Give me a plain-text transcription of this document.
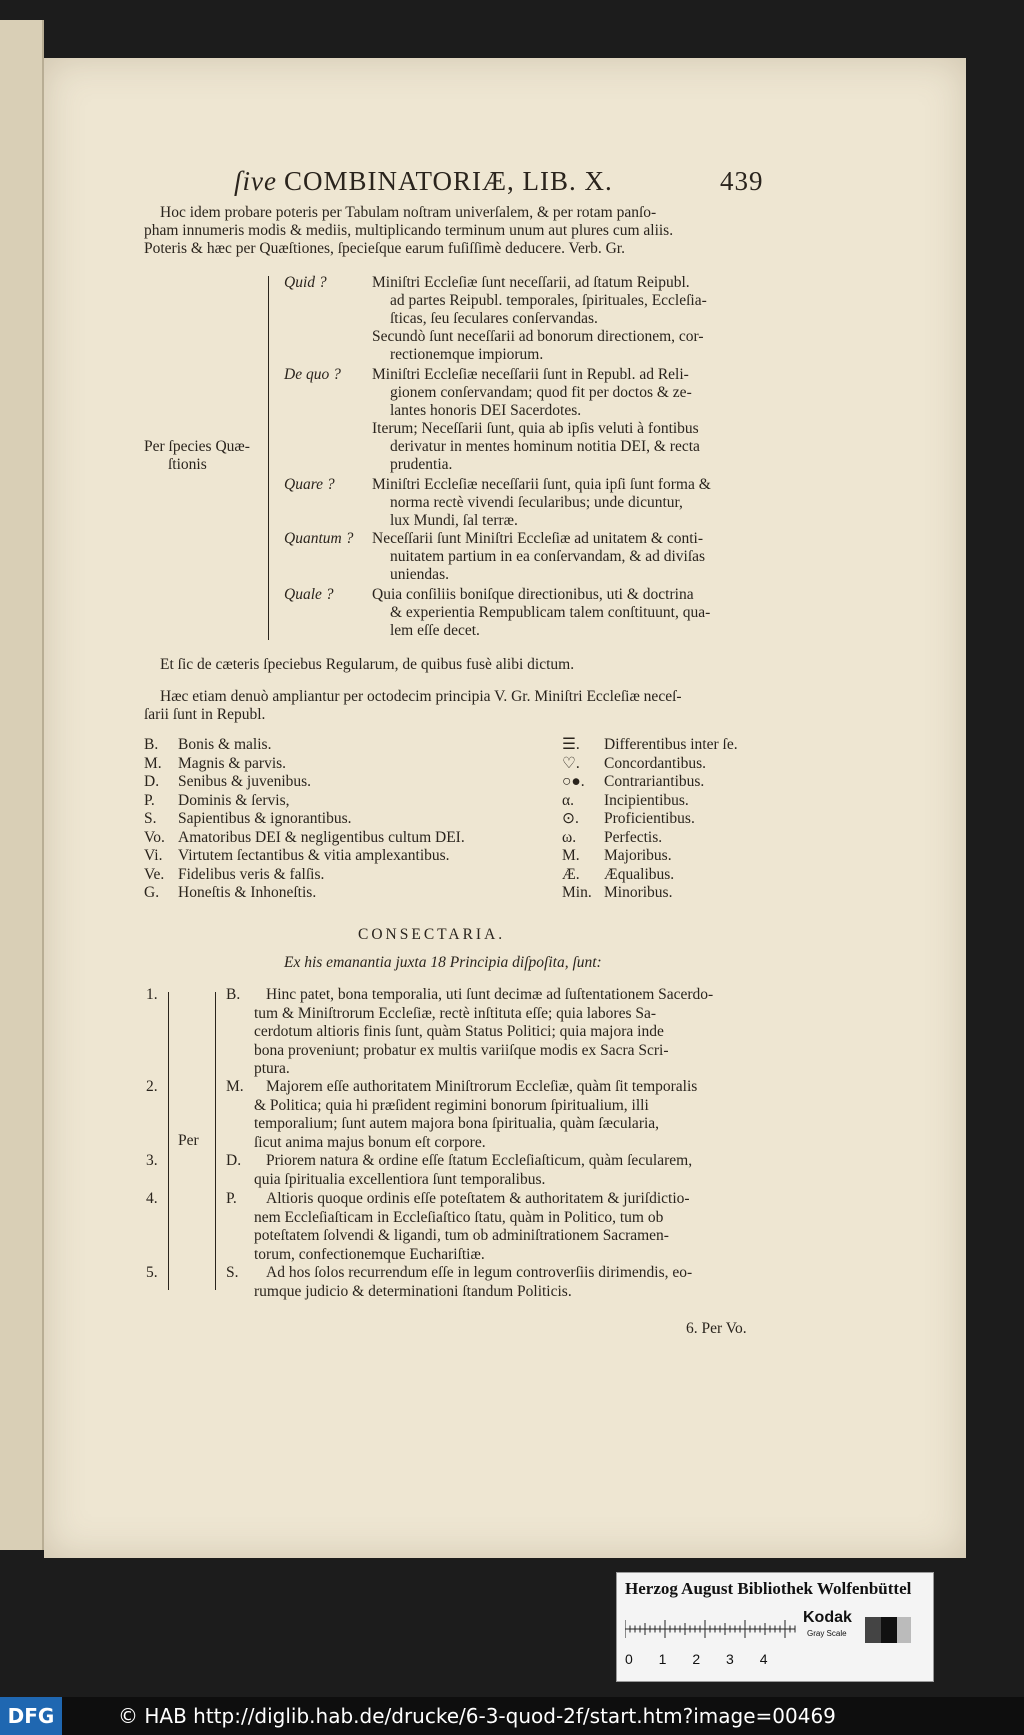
ſive COMBINATORIÆ, LIB. X.	439
Hoc idem probare poteris per Tabulam noſtram univerſalem, & per rotam panſo-
pham innumeris modis & mediis, multiplicando terminum unum aut plures cum aliis.
Poteris & hæc per Quæſtiones, ſpecieſque earum fuſiſſimè deducere. Verb. Gr.
Per ſpecies Quæ-
ſtionis
Quid ?	Miniſtri Eccleſiæ ſunt neceſſarii, ad ſtatum Reipubl.
ad partes Reipubl. temporales, ſpirituales, Eccleſia-
ſticas, ſeu ſeculares conſervandas.
Secundò ſunt neceſſarii ad bonorum directionem, cor-
rectionemque impiorum.
De quo ? Miniſtri Eccleſiæ neceſſarii ſunt in Republ. ad Reli-
gionem conſervandam; quod fit per doctos & ze-
lantes honoris DEI Sacerdotes.
Iterum; Neceſſarii ſunt, quia ab ipſis veluti à fontibus
derivatur in mentes hominum notitia DEI, & recta
prudentia.
Quare ? Miniſtri Eccleſiæ neceſſarii ſunt, quia ipſi ſunt forma &
norma rectè vivendi ſecularibus; unde dicuntur,
lux Mundi, ſal terræ.
Quantum ? Neceſſarii ſunt Miniſtri Eccleſiæ ad unitatem & conti-
nuitatem partium in ea conſervandam, & ad diviſas
uniendas.
Quale ? Quia conſiliis boniſque directionibus, uti & doctrina
& experientia Rempublicam talem conſtituunt, qua-
lem eſſe decet.
Et ſic de cæteris ſpeciebus Regularum, de quibus fusè alibi dictum.
Hæc etiam denuò ampliantur per octodecim principia V. Gr. Miniſtri Eccleſiæ neceſ-
ſarii ſunt in Republ.
B. Bonis & malis.
M. Magnis & parvis.
D. Senibus & juvenibus.
P. Dominis & ſervis,
S. Sapientibus & ignorantibus.
Vo. Amatoribus DEI & negligentibus cultum DEI.
Vi. Virtutem ſectantibus & vitia amplexantibus.
Ve. Fidelibus veris & falſis.
G. Honeſtis & Inhoneſtis.
☰. Differentibus inter ſe.
♡. Concordantibus.
○●. Contrariantibus.
α. Incipientibus.
⊙. Proficientibus.
ω. Perfectis.
M. Majoribus.
Æ. Æqualibus.
Min. Minoribus.
CONSECTARIA.
Ex his emanantia juxta 18 Principia diſpoſita, ſunt:
Per
1.	B. Hinc patet, bona temporalia, uti ſunt decimæ ad ſuſtentationem Sacerdo-
tum & Miniſtrorum Eccleſiæ, rectè inſtituta eſſe; quia labores Sa-
cerdotum altioris finis ſunt, quàm Status Politici; quia majora inde
bona proveniunt; probatur ex multis variiſque modis ex Sacra Scri-
ptura.
2.	M. Majorem eſſe authoritatem Miniſtrorum Eccleſiæ, quàm ſit temporalis
& Politica; quia hi præſident regimini bonorum ſpiritualium, illi
temporalium; ſunt autem majora bona ſpiritualia, quàm ſæcularia,
ſicut anima majus bonum eſt corpore.
3.	D. Priorem natura & ordine eſſe ſtatum Eccleſiaſticum, quàm ſecularem,
quia ſpiritualia excellentiora ſunt temporalibus.
4.	P. Altioris quoque ordinis eſſe poteſtatem & authoritatem & juriſdictio-
nem Eccleſiaſticam in Eccleſiaſtico ſtatu, quàm in Politico, tum ob
poteſtatem ſolvendi & ligandi, tum ob adminiſtrationem Sacramen-
torum, confectionemque Euchariſtiæ.
5.	S. Ad hos ſolos recurrendum eſſe in legum controverſiis dirimendis, eo-
rumque judicio & determinationi ſtandum Politicis.
6. Per Vo.
Herzog August Bibliothek Wolfenbüttel
Kodak
Gray Scale
0 1 2 3 4
DFG	© HAB http://diglib.hab.de/drucke/6-3-quod-2f/start.htm?image=00469
